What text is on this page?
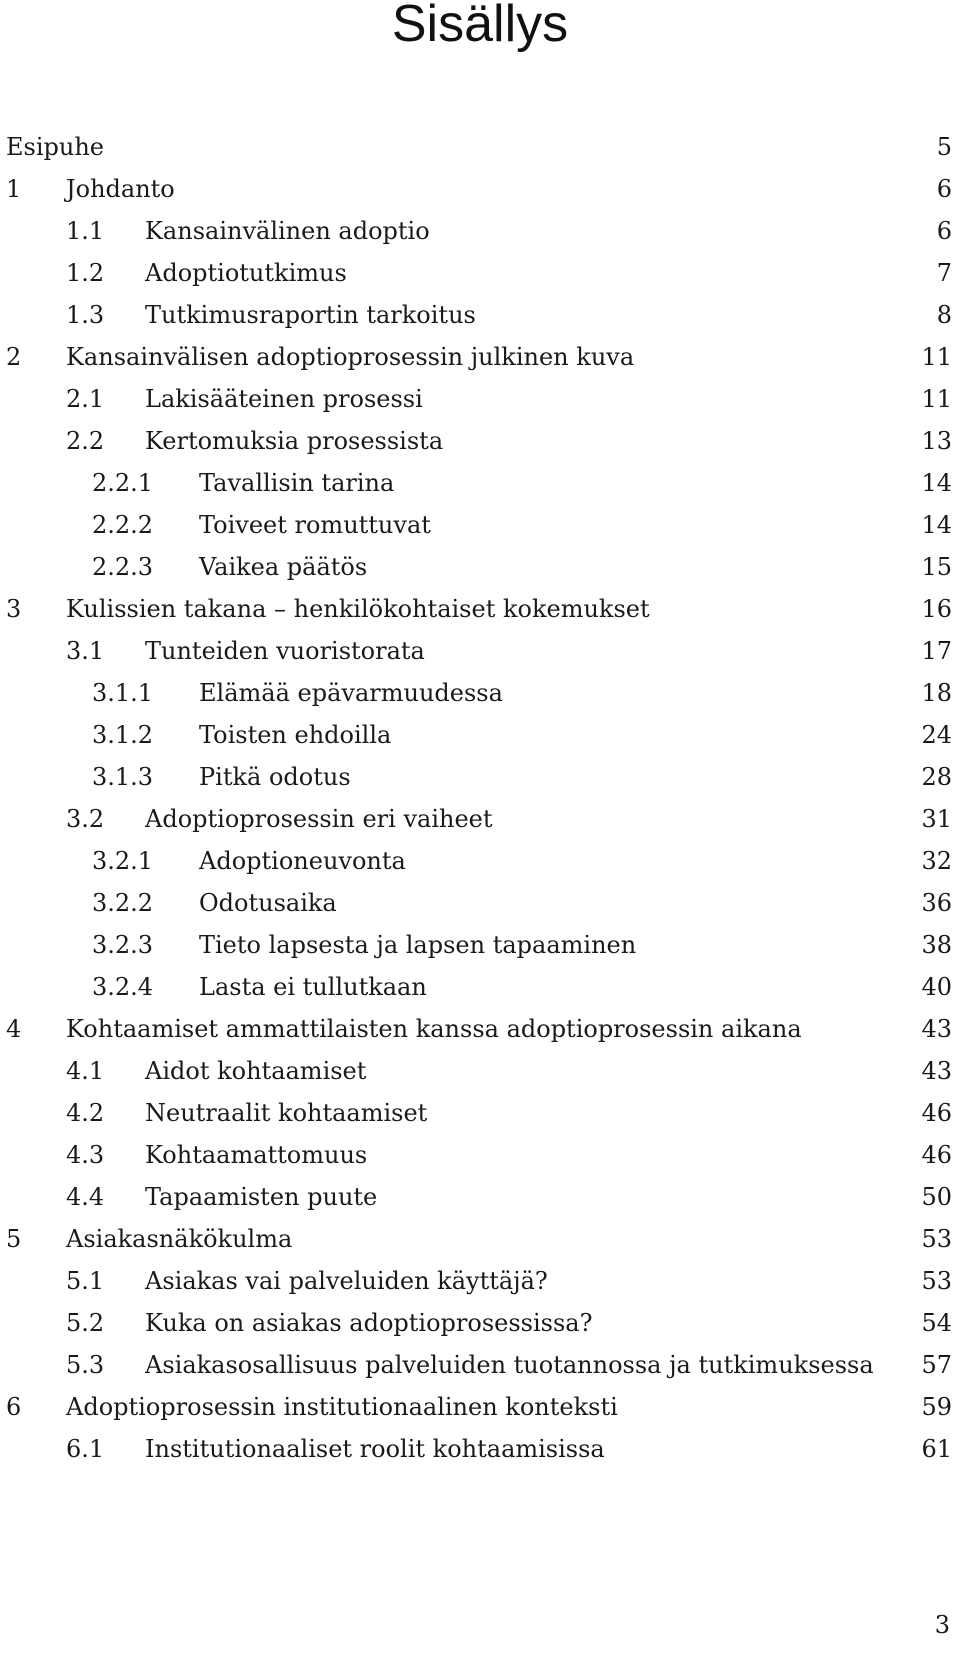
Sisällys
Esipuhe	5
1 Johdanto	6
1.1 Kansainvälinen adoptio	6
1.2 Adoptiotutkimus	7
1.3 Tutkimusraportin tarkoitus	8
2 Kansainvälisen adoptioprosessin julkinen kuva	11
2.1 Lakisääteinen prosessi	11
2.2 Kertomuksia prosessista	13
2.2.1 Tavallisin tarina	14
2.2.2 Toiveet romuttuvat	14
2.2.3 Vaikea päätös	15
3 Kulissien takana – henkilökohtaiset kokemukset	16
3.1 Tunteiden vuoristorata	17
3.1.1 Elämää epävarmuudessa	18
3.1.2 Toisten ehdoilla	24
3.1.3 Pitkä odotus	28
3.2 Adoptioprosessin eri vaiheet	31
3.2.1 Adoptioneuvonta	32
3.2.2 Odotusaika	36
3.2.3 Tieto lapsesta ja lapsen tapaaminen	38
3.2.4 Lasta ei tullutkaan	40
4 Kohtaamiset ammattilaisten kanssa adoptioprosessin aikana	43
4.1 Aidot kohtaamiset	43
4.2 Neutraalit kohtaamiset	46
4.3 Kohtaamattomuus	46
4.4 Tapaamisten puute	50
5 Asiakasnäkökulma	53
5.1 Asiakas vai palveluiden käyttäjä?	53
5.2 Kuka on asiakas adoptioprosessissa?	54
5.3 Asiakasosallisuus palveluiden tuotannossa ja tutkimuksessa 57
6 Adoptioprosessin institutionaalinen konteksti	59
6.1 Institutionaaliset roolit kohtaamisissa	61
3
